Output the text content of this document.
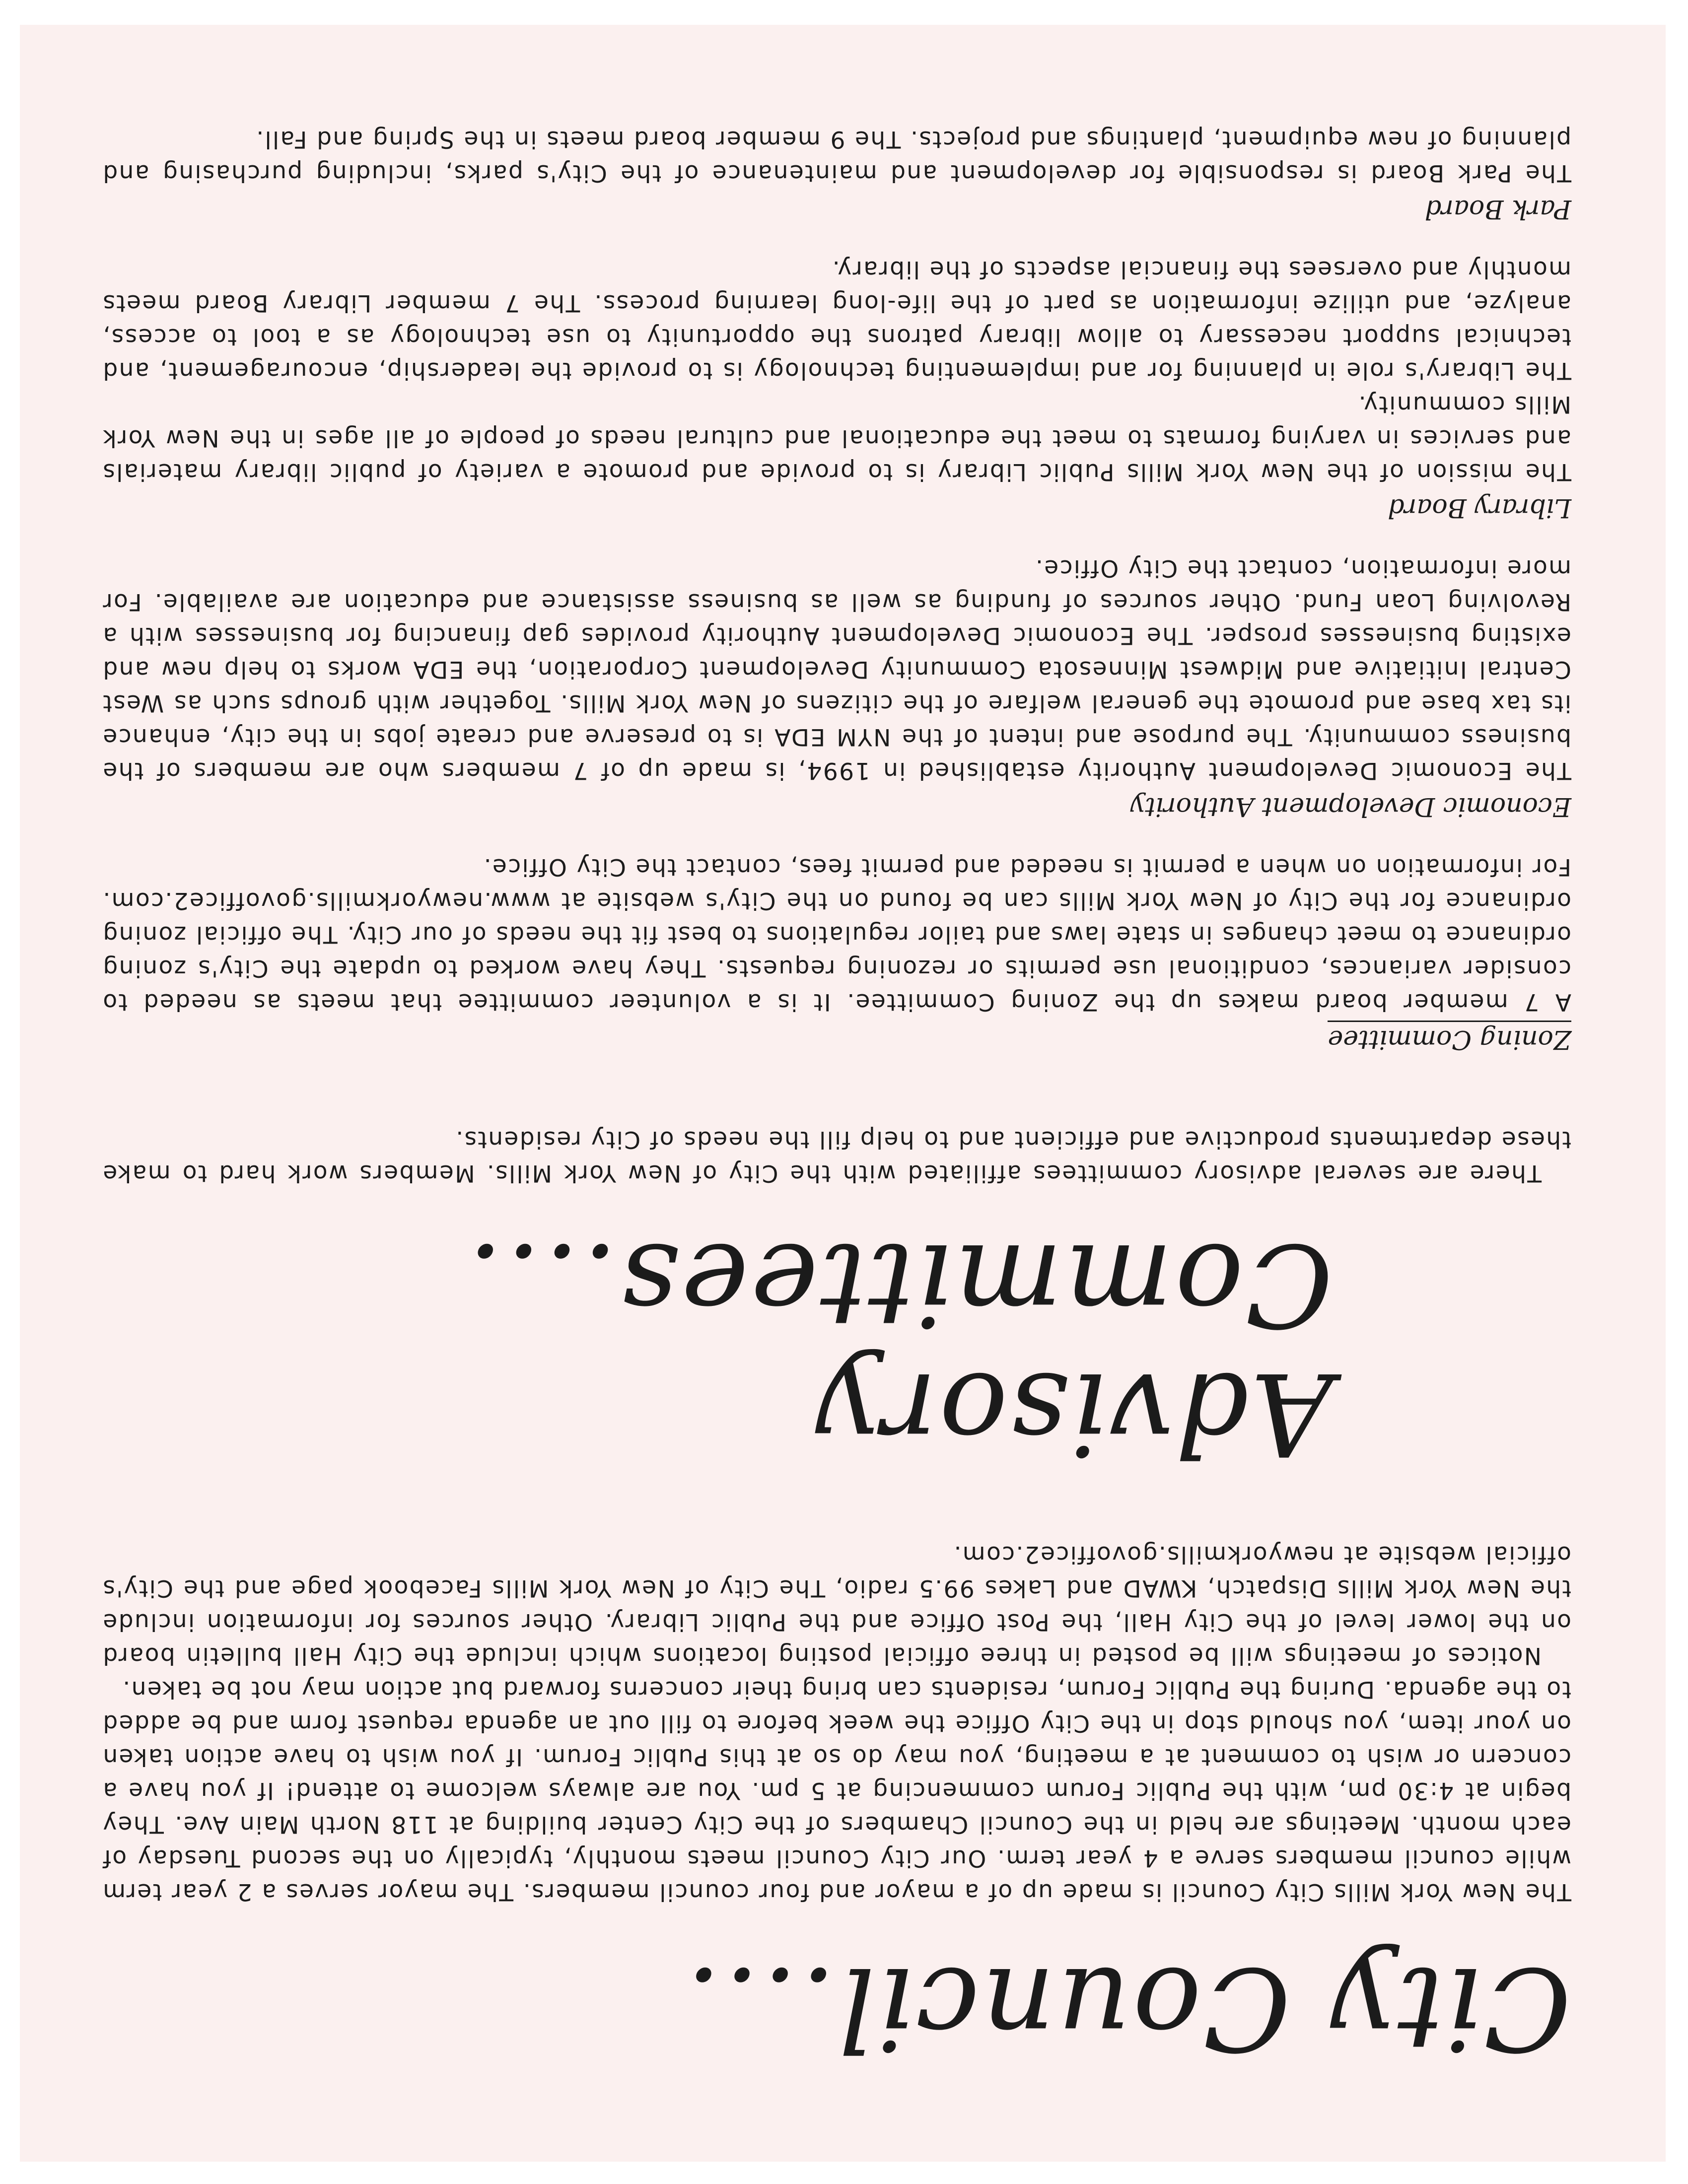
City Council....

The New York Mills City Council is made up of a mayor and four council members. The mayor serves a 2 year term while council members serve a 4 year term. Our City Council meets monthly, typically on the second Tuesday of each month. Meetings are held in the Council Chambers of the City Center building at 118 North Main Ave. They begin at 4:30 pm, with the Public Forum commencing at 5 pm. You are always welcome to attend! If you have a concern or wish to comment at a meeting, you may do so at this Public Forum. If you wish to have action taken on your item, you should stop in the City Office the week before to fill out an agenda request form and be added to the agenda. During the Public Forum, residents can bring their concerns forward but action may not be taken.

Notices of meetings will be posted in three official posting locations which include the City Hall bulletin board on the lower level of the City Hall, the Post Office and the Public Library. Other sources for information include the New York Mills Dispatch, KWAD and Lakes 99.5 radio, The City of New York Mills Facebook page and the City's official website at newyorkmills.govoffice2.com.

Advisory Committees....

There are several advisory committees affiliated with the City of New York Mills. Members work hard to make these departments productive and efficient and to help fill the needs of City residents.

Zoning Committee

A 7 member board makes up the Zoning Committee. It is a volunteer committee that meets as needed to consider variances, conditional use permits or rezoning requests. They have worked to update the City's zoning ordinance to meet changes in state laws and tailor regulations to best fit the needs of our City. The official zoning ordinance for the City of New York Mills can be found on the City's website at www.newyorkmills.govoffice2.com. For information on when a permit is needed and permit fees, contact the City Office.

Economic Development Authority

The Economic Development Authority established in 1994, is made up of 7 members who are members of the business community. The purpose and intent of the NYM EDA is to preserve and create jobs in the city, enhance its tax base and promote the general welfare of the citizens of New York Mills. Together with groups such as West Central Initiative and Midwest Minnesota Community Development Corporation, the EDA works to help new and existing businesses prosper. The Economic Development Authority provides gap financing for businesses with a Revolving Loan Fund. Other sources of funding as well as business assistance and education are available. For more information, contact the City Office.

Library Board

The mission of the New York Mills Public Library is to provide and promote a variety of public library materials and services in varying formats to meet the educational and cultural needs of people of all ages in the New York Mills community.

The Library's role in planning for and implementing technology is to provide the leadership, encouragement, and technical support necessary to allow library patrons the opportunity to use technology as a tool to access, analyze, and utilize information as part of the life-long learning process. The 7 member Library Board meets monthly and oversees the financial aspects of the library.

Park Board

The Park Board is responsible for development and maintenance of the City's parks, including purchasing and planning of new equipment, plantings and projects. The 9 member board meets in the Spring and Fall.
